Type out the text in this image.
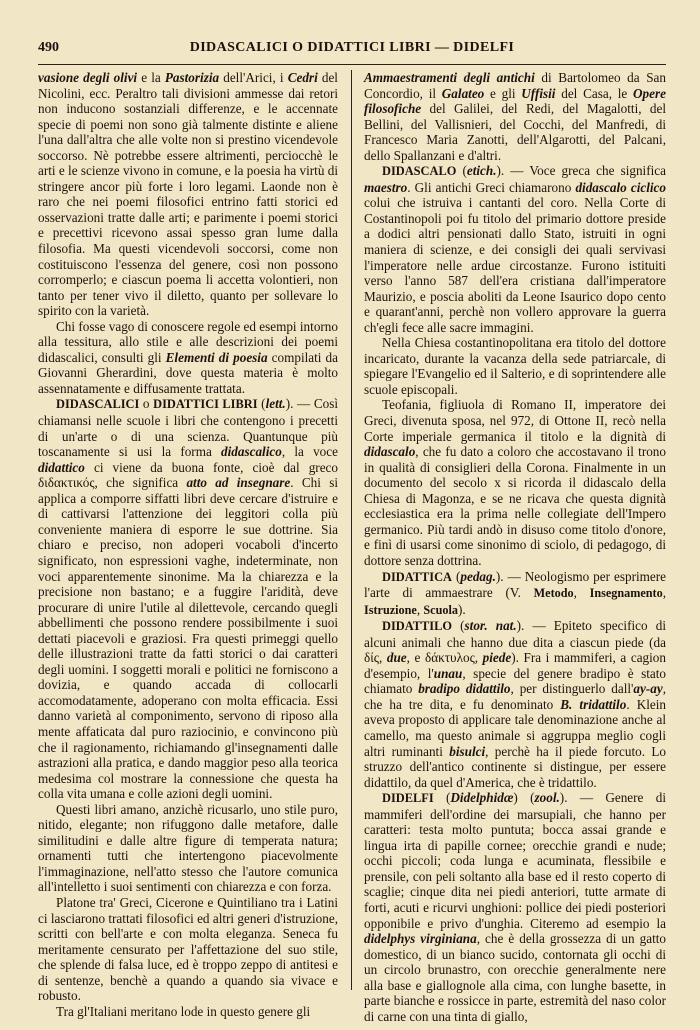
490	DIDASCALICI O DIDATTICI LIBRI — DIDELFI

vasione degli olivi e la Pastorizia dell'Arici, i Cedri del Nicolini, ecc. Peraltro tali divisioni ammesse dai retori non inducono sostanziali differenze, e le accennate specie di poemi non sono già talmente distinte e aliene l'una dall'altra che alle volte non si prestino vicendevole soccorso. Nè potrebbe essere altrimenti, perciocchè le arti e le scienze vivono in comune, e la poesia ha virtù di stringere ancor più forte i loro legami. Laonde non è raro che nei poemi filosofici entrino fatti storici ed osservazioni tratte dalle arti; e parimente i poemi storici e precettivi ricevono assai spesso gran lume dalla filosofia. Ma questi vicendevoli soccorsi, come non costituiscono l'essenza del genere, così non possono corromperlo; e ciascun poema li accetta volontieri, non tanto per tener vivo il diletto, quanto per sollevare lo spirito con la varietà.

Chi fosse vago di conoscere regole ed esempi intorno alla tessitura, allo stile e alle descrizioni dei poemi didascalici, consulti gli Elementi di poesia compilati da Giovanni Gherardini, dove questa materia è molto assennatamente e diffusamente trattata.

DIDASCALICI o DIDATTICI LIBRI (lett.). — Così chiamansi nelle scuole i libri che contengono i precetti di un'arte o di una scienza. Quantunque più toscanamente si usi la forma didascalico, la voce didattico ci viene da buona fonte, cioè dal greco διδακτικός, che significa atto ad insegnare. Chi si applica a comporre siffatti libri deve cercare d'istruire e di cattivarsi l'attenzione dei leggitori colla più conveniente maniera di esporre le sue dottrine. Sia chiaro e preciso, non adoperi vocaboli d'incerto significato, non espressioni vaghe, indeterminate, non voci apparentemente sinonime. Ma la chiarezza e la precisione non bastano; e a fuggire l'aridità, deve procurare di unire l'utile al dilettevole, cercando quegli abbellimenti che possono rendere possibilmente i suoi dettati piacevoli e graziosi. Fra questi primeggi quello delle illustrazioni tratte da fatti storici o dai caratteri degli uomini. I soggetti morali e politici ne forniscono a dovizia, e quando accada di collocarli accomodatamente, adoperano con molta efficacia. Essi danno varietà al componimento, servono di riposo alla mente affaticata dal puro raziocinio, e convincono più che il ragionamento, richiamando gl'insegnamenti dalle astrazioni alla pratica, e dando maggior peso alla teorica medesima col mostrare la connessione che questa ha colla vita umana e colle azioni degli uomini.

Questi libri amano, anzichè ricusarlo, uno stile puro, nitido, elegante; non rifuggono dalle metafore, dalle similitudini e dalle altre figure di temperata natura; ornamenti tutti che intertengono piacevolmente l'immaginazione, nell'atto stesso che l'autore comunica all'intelletto i suoi sentimenti con chiarezza e con forza.

Platone tra' Greci, Cicerone e Quintiliano tra i Latini ci lasciarono trattati filosofici ed altri generi d'istruzione, scritti con bell'arte e con molta eleganza. Seneca fu meritamente censurato per l'affettazione del suo stile, che splende di falsa luce, ed è troppo zeppo di antitesi e di sentenze, benchè a quando a quando sia vivace e robusto.

Tra gl'Italiani meritano lode in questo genere gli

Ammaestramenti degli antichi di Bartolomeo da San Concordio, il Galateo e gli Uffisii del Casa, le Opere filosofiche del Galilei, del Redi, del Magalotti, del Bellini, del Vallisnieri, del Cocchi, del Manfredi, di Francesco Maria Zanotti, dell'Algarotti, del Palcani, dello Spallanzani e d'altri.

DIDASCALO (etich.). — Voce greca che significa maestro. Gli antichi Greci chiamarono didascalo ciclico colui che istruiva i cantanti del coro. Nella Corte di Costantinopoli poi fu titolo del primario dottore preside a dodici altri pensionati dallo Stato, istruiti in ogni maniera di scienze, e dei consigli dei quali servivasi l'imperatore nelle ardue circostanze. Furono istituiti verso l'anno 587 dell'era cristiana dall'imperatore Maurizio, e poscia aboliti da Leone Isaurico dopo cento e quarant'anni, perchè non vollero approvare la guerra ch'egli fece alle sacre immagini.

Nella Chiesa costantinopolitana era titolo del dottore incaricato, durante la vacanza della sede patriarcale, di spiegare l'Evangelio ed il Salterio, e di soprintendere alle scuole episcopali.

Teofania, figliuola di Romano II, imperatore dei Greci, divenuta sposa, nel 972, di Ottone II, recò nella Corte imperiale germanica il titolo e la dignità di didascalo, che fu dato a coloro che accostavano il trono in qualità di consiglieri della Corona. Finalmente in un documento del secolo x si ricorda il didascalo della Chiesa di Magonza, e se ne ricava che questa dignità ecclesiastica era la prima nelle collegiate dell'Impero germanico. Più tardi andò in disuso come titolo d'onore, e finì di usarsi come sinonimo di sciolo, di pedagogo, di dottore senza dottrina.

DIDATTICA (pedag.). — Neologismo per esprimere l'arte di ammaestrare (V. Metodo, Insegnamento, Istruzione, Scuola).

DIDATTILO (stor. nat.). — Epiteto specifico di alcuni animali che hanno due dita a ciascun piede (da δίς, due, e δάκτυλος, piede). Fra i mammiferi, a cagion d'esempio, l'unau, specie del genere bradipo è stato chiamato bradipo didattilo, per distinguerlo dall'ay-ay, che ha tre dita, e fu denominato B. tridattilo. Klein aveva proposto di applicare tale denominazione anche al camello, ma questo animale si aggruppa meglio cogli altri ruminanti bisulci, perchè ha il piede forcuto. Lo struzzo dell'antico continente si distingue, per essere didattilo, da quel d'America, che è tridattilo.

DIDELFI (Didelphidæ) (zool.). — Genere di mammiferi dell'ordine dei marsupiali, che hanno per caratteri: testa molto puntuta; bocca assai grande e lingua irta di papille cornee; orecchie grandi e nude; occhi piccoli; coda lunga e acuminata, flessibile e prensile, con peli soltanto alla base ed il resto coperto di scaglie; cinque dita nei piedi anteriori, tutte armate di forti, acuti e ricurvi unghioni: pollice dei piedi posteriori opponibile e privo d'unghia. Citeremo ad esempio la didelphys virginiana, che è della grossezza di un gatto domestico, di un bianco sucido, contornata gli occhi di un circolo brunastro, con orecchie generalmente nere alla base e giallognole alla cima, con lunghe basette, in parte bianche e rossicce in parte, estremità del naso color di carne con una tinta di giallo,
